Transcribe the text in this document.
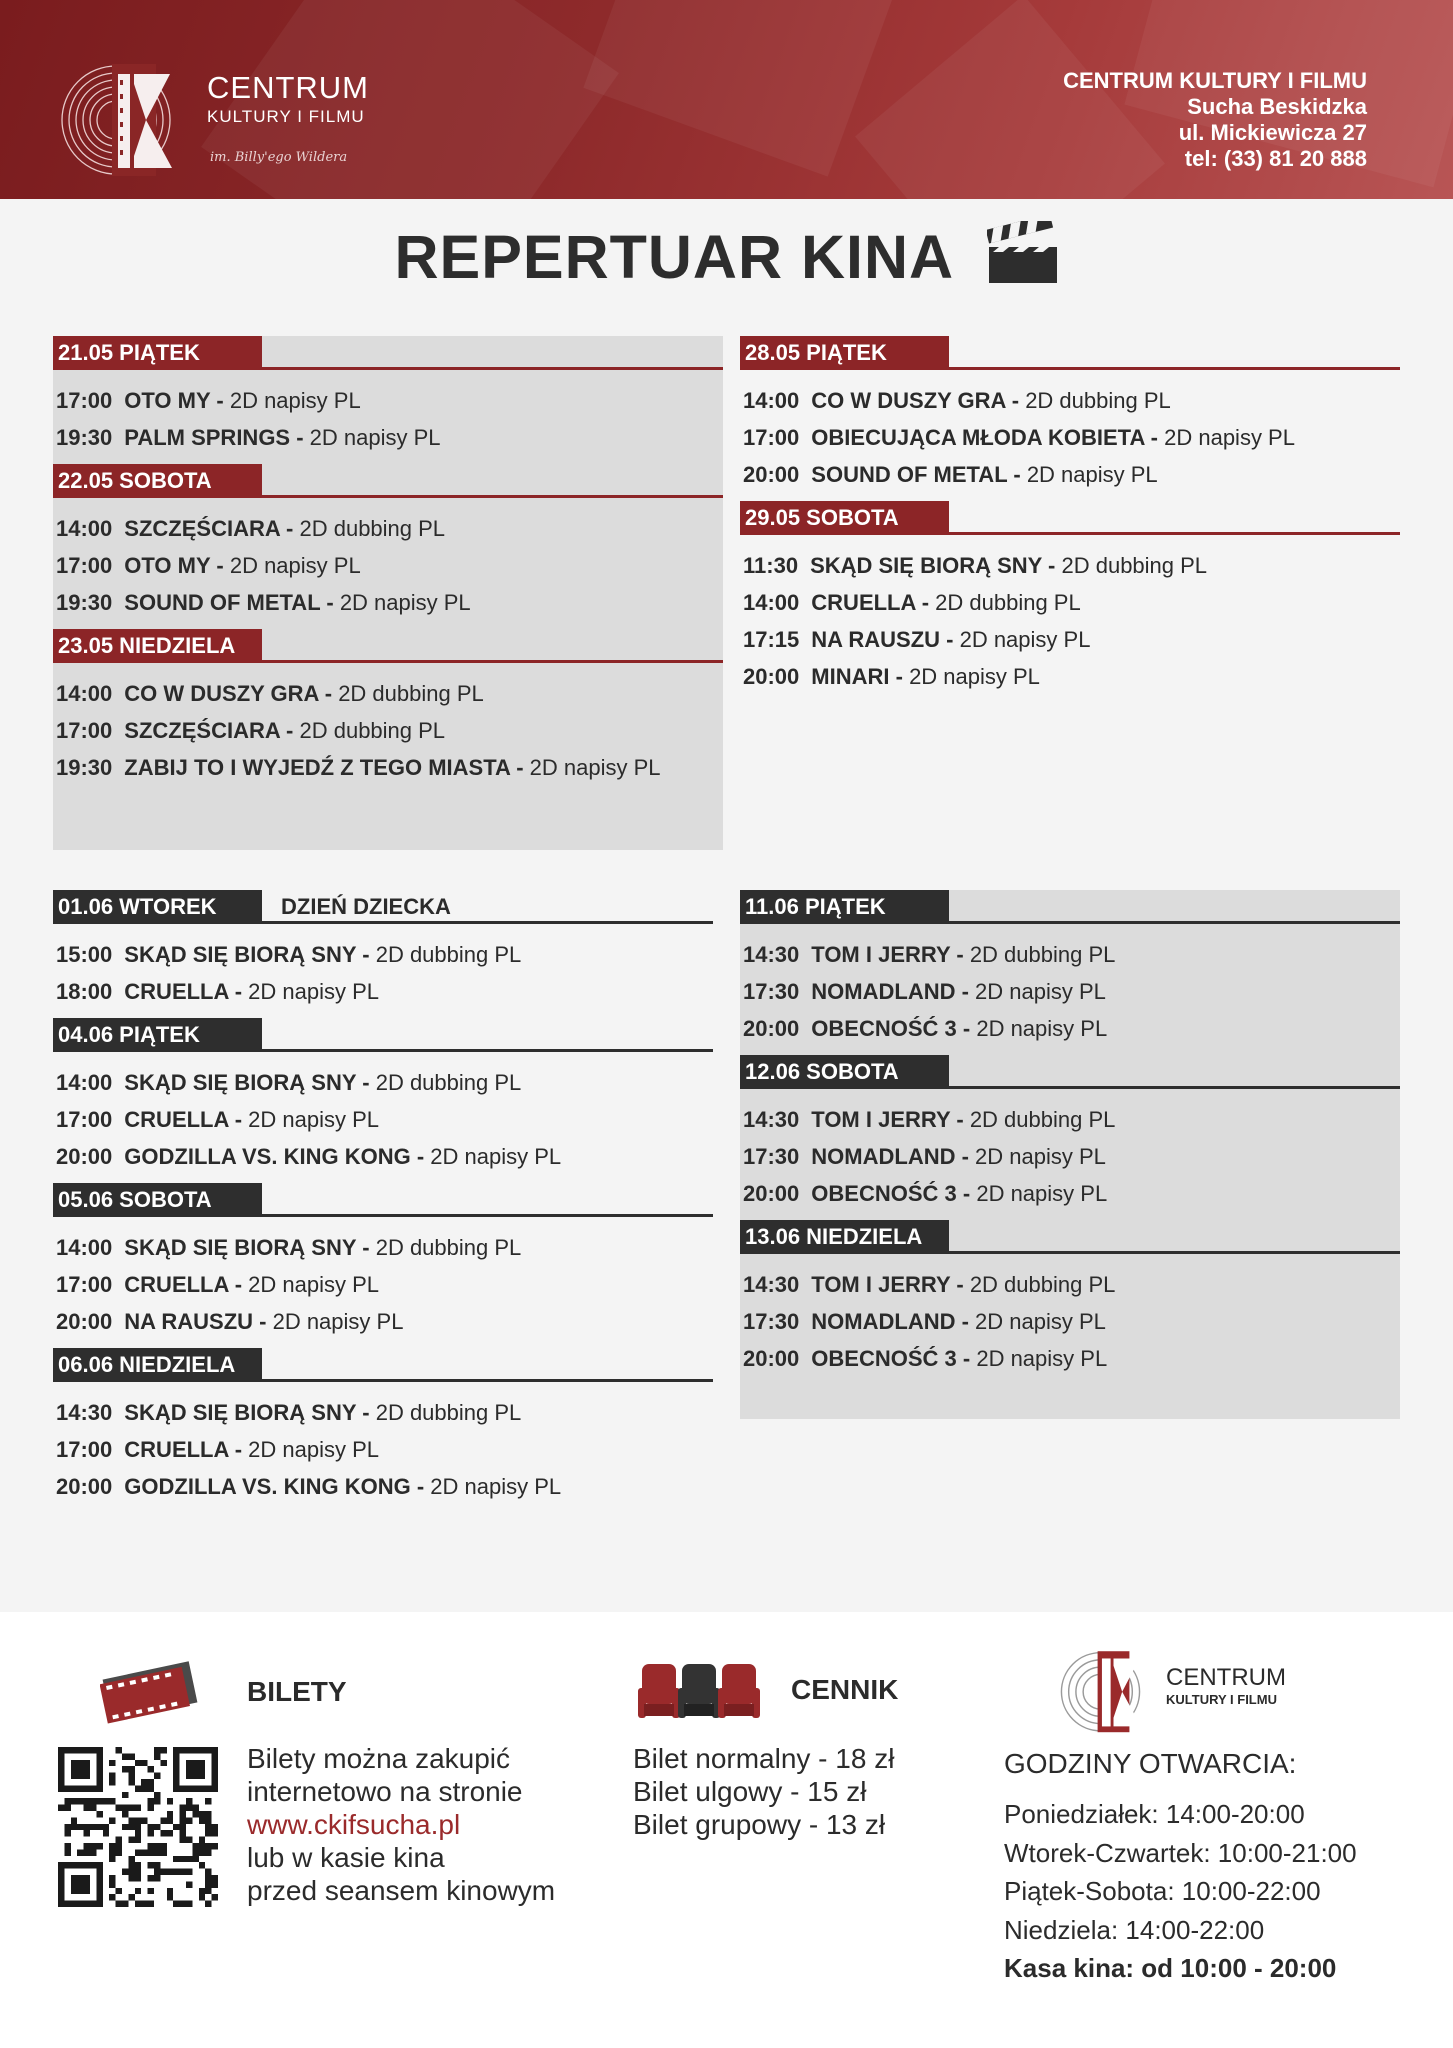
CENTRUM
KULTURY I FILMU
im. Billy'ego Wildera
CENTRUM KULTURY I FILMU
Sucha Beskidzka
ul. Mickiewicza 27
tel: (33) 81 20 888
REPERTUAR KINA
21.05 PIĄTEK
17:00 OTO MY - 2D napisy PL
19:30 PALM SPRINGS - 2D napisy PL
22.05 SOBOTA
14:00 SZCZĘŚCIARA - 2D dubbing PL
17:00 OTO MY - 2D napisy PL
19:30 SOUND OF METAL - 2D napisy PL
23.05 NIEDZIELA
14:00 CO W DUSZY GRA - 2D dubbing PL
17:00 SZCZĘŚCIARA - 2D dubbing PL
19:30 ZABIJ TO I WYJEDŹ Z TEGO MIASTA - 2D napisy PL
28.05 PIĄTEK
14:00 CO W DUSZY GRA - 2D dubbing PL
17:00 OBIECUJĄCA MŁODA KOBIETA - 2D napisy PL
20:00 SOUND OF METAL - 2D napisy PL
29.05 SOBOTA
11:30 SKĄD SIĘ BIORĄ SNY - 2D dubbing PL
14:00 CRUELLA - 2D dubbing PL
17:15 NA RAUSZU - 2D napisy PL
20:00 MINARI - 2D napisy PL
01.06 WTOREK	DZIEŃ DZIECKA
15:00 SKĄD SIĘ BIORĄ SNY - 2D dubbing PL
18:00 CRUELLA - 2D napisy PL
04.06 PIĄTEK
14:00 SKĄD SIĘ BIORĄ SNY - 2D dubbing PL
17:00 CRUELLA - 2D napisy PL
20:00 GODZILLA VS. KING KONG - 2D napisy PL
05.06 SOBOTA
14:00 SKĄD SIĘ BIORĄ SNY - 2D dubbing PL
17:00 CRUELLA - 2D napisy PL
20:00 NA RAUSZU - 2D napisy PL
06.06 NIEDZIELA
14:30 SKĄD SIĘ BIORĄ SNY - 2D dubbing PL
17:00 CRUELLA - 2D napisy PL
20:00 GODZILLA VS. KING KONG - 2D napisy PL
11.06 PIĄTEK
14:30 TOM I JERRY - 2D dubbing PL
17:30 NOMADLAND - 2D napisy PL
20:00 OBECNOŚĆ 3 - 2D napisy PL
12.06 SOBOTA
14:30 TOM I JERRY - 2D dubbing PL
17:30 NOMADLAND - 2D napisy PL
20:00 OBECNOŚĆ 3 - 2D napisy PL
13.06 NIEDZIELA
14:30 TOM I JERRY - 2D dubbing PL
17:30 NOMADLAND - 2D napisy PL
20:00 OBECNOŚĆ 3 - 2D napisy PL
BILETY
Bilety można zakupić
internetowo na stronie
www.ckifsucha.pl
lub w kasie kina
przed seansem kinowym
CENNIK
Bilet normalny - 18 zł
Bilet ulgowy - 15 zł
Bilet grupowy - 13 zł
CENTRUM
KULTURY I FILMU
GODZINY OTWARCIA:
Poniedziałek: 14:00-20:00
Wtorek-Czwartek: 10:00-21:00
Piątek-Sobota: 10:00-22:00
Niedziela: 14:00-22:00
Kasa kina: od 10:00 - 20:00
